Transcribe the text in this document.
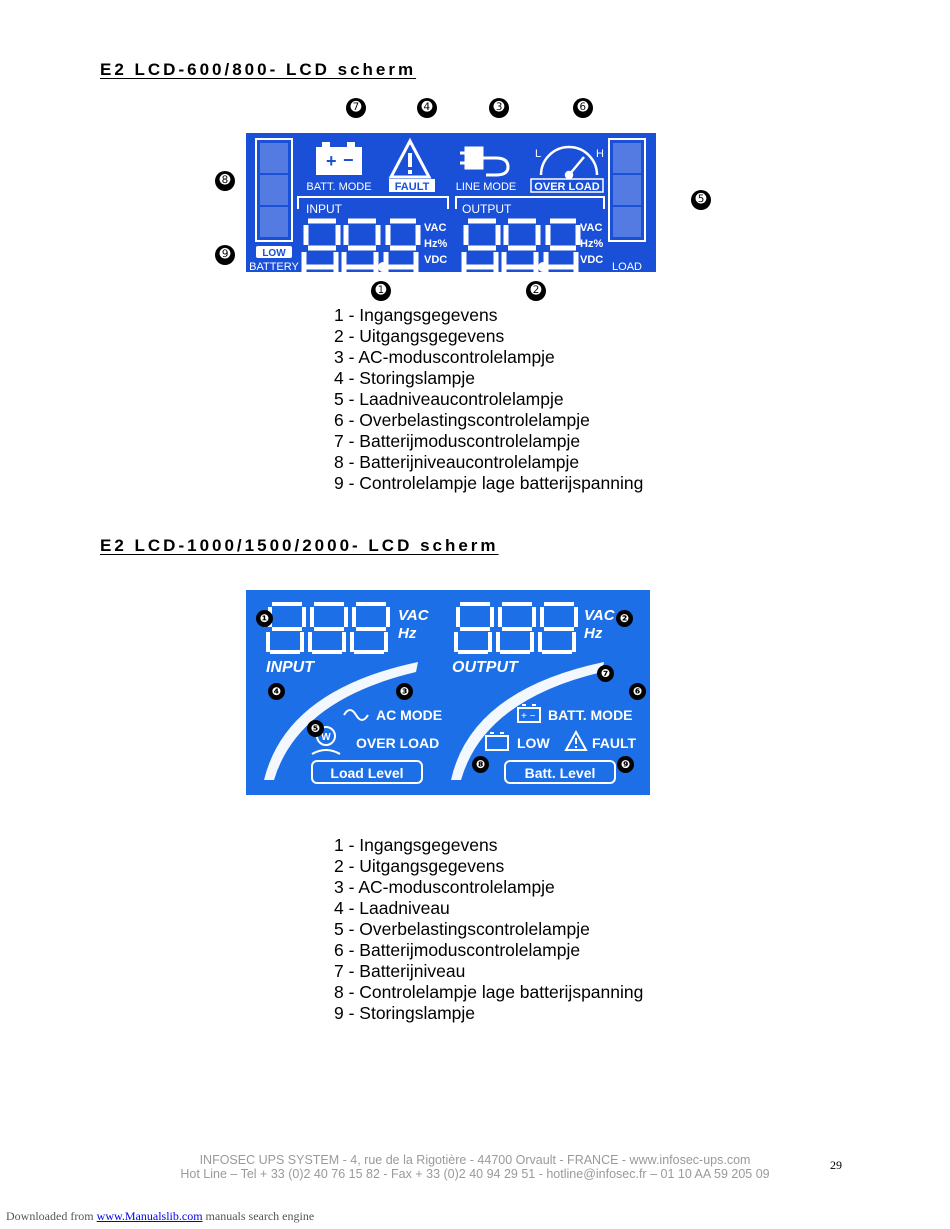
E2 LCD-600/800- LCD scherm
➐	➍	➌	➏
➑
➒
➎
➊	➋
LOW
BATTERY	LOAD
+ −
BATT. MODE FAULT LINE MODE
L	H
OVER LOAD
INPUT	OUTPUT
VAC
Hz%
VDC
VAC
Hz%
VDC
1 - Ingangsgegevens
2 - Uitgangsgegevens
3 - AC-moduscontrolelampje
4 - Storingslampje
5 - Laadniveaucontrolelampje
6 - Overbelastingscontrolelampje
7 - Batterijmoduscontrolelampje
8 - Batterijniveaucontrolelampje
9 - Controlelampje lage batterijspanning
E2 LCD-1000/1500/2000- LCD scherm
VAC
Hz
INPUT
VAC
Hz
OUTPUT
AC MODE
W OVER LOAD
+ − BATT. MODE
LOW	FAULT
Load Level	Batt. Level
❶	❷
❹	❸
❺
❼
❻
❽	❾
1 - Ingangsgegevens
2 - Uitgangsgegevens
3 - AC-moduscontrolelampje
4 - Laadniveau
5 - Overbelastingscontrolelampje
6 - Batterijmoduscontrolelampje
7 - Batterijniveau
8 - Controlelampje lage batterijspanning
9 - Storingslampje
INFOSEC UPS SYSTEM - 4, rue de la Rigotière - 44700 Orvault - FRANCE - www.infosec-ups.com
Hot Line – Tel + 33 (0)2 40 76 15 82 - Fax + 33 (0)2 40 94 29 51 - hotline@infosec.fr – 01 10 AA 59 205 09
29
Downloaded from www.Manualslib.com manuals search engine
